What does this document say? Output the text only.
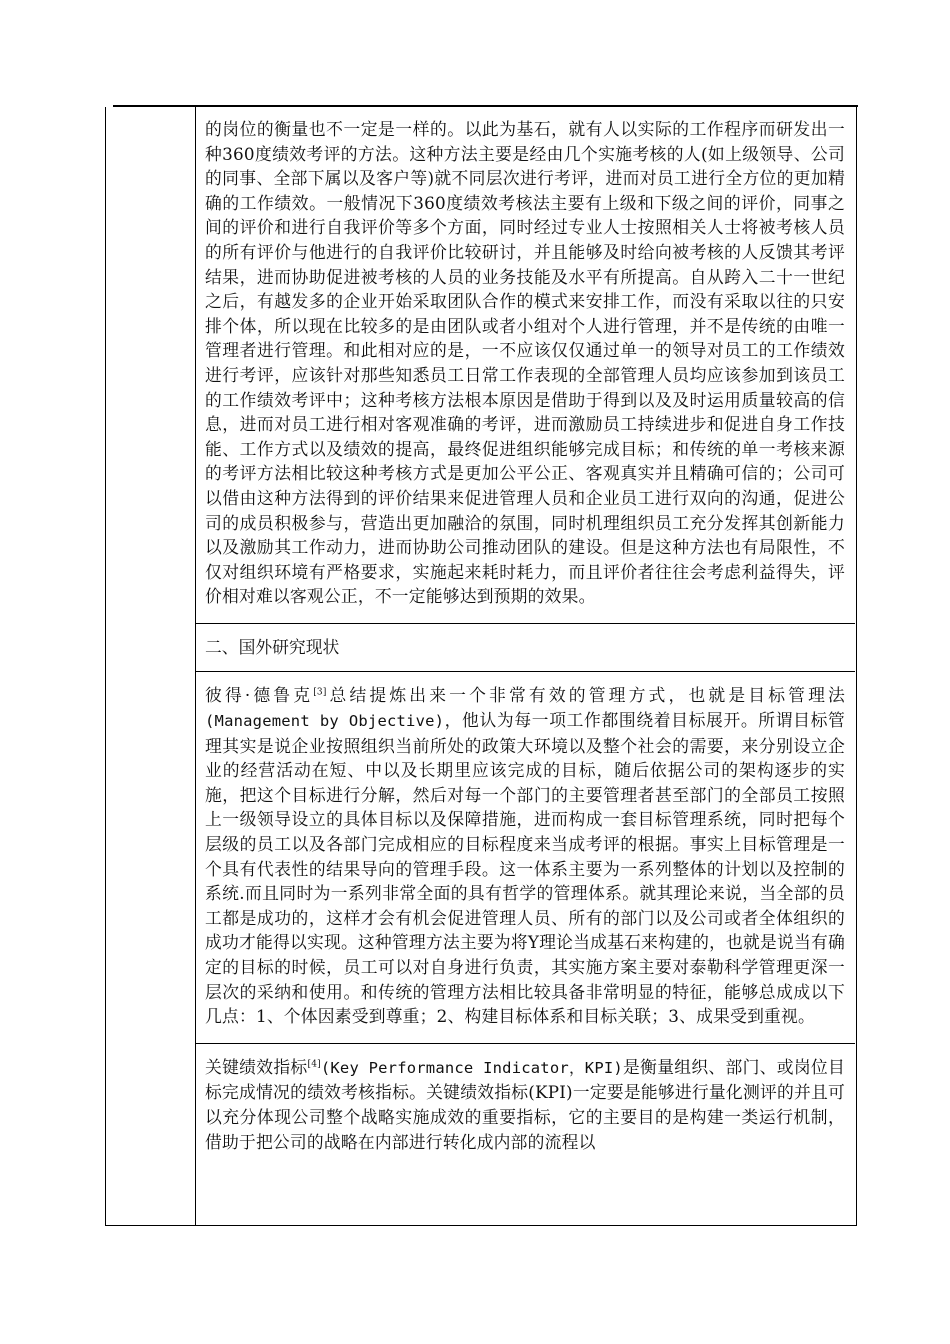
的岗位的衡量也不一定是一样的。以此为基石，就有人以实际的工作程序而研发出一种360度绩效考评的方法。这种方法主要是经由几个实施考核的人(如上级领导、公司的同事、全部下属以及客户等)就不同层次进行考评，进而对员工进行全方位的更加精确的工作绩效。一般情况下360度绩效考核法主要有上级和下级之间的评价，同事之间的评价和进行自我评价等多个方面，同时经过专业人士按照相关人士将被考核人员的所有评价与他进行的自我评价比较研讨，并且能够及时给向被考核的人反馈其考评结果，进而协助促进被考核的人员的业务技能及水平有所提高。自从跨入二十一世纪之后，有越发多的企业开始采取团队合作的模式来安排工作，而没有采取以往的只安排个体，所以现在比较多的是由团队或者小组对个人进行管理，并不是传统的由唯一管理者进行管理。和此相对应的是，一不应该仅仅通过单一的领导对员工的工作绩效进行考评，应该针对那些知悉员工日常工作表现的全部管理人员均应该参加到该员工的工作绩效考评中；这种考核方法根本原因是借助于得到以及及时运用质量较高的信息，进而对员工进行相对客观准确的考评，进而激励员工持续进步和促进自身工作技能、工作方式以及绩效的提高，最终促进组织能够完成目标；和传统的单一考核来源的考评方法相比较这种考核方式是更加公平公正、客观真实并且精确可信的；公司可以借由这种方法得到的评价结果来促进管理人员和企业员工进行双向的沟通，促进公司的成员积极参与，营造出更加融洽的氛围，同时机理组织员工充分发挥其创新能力以及激励其工作动力，进而协助公司推动团队的建设。但是这种方法也有局限性，不仅对组织环境有严格要求，实施起来耗时耗力，而且评价者往往会考虑利益得失，评价相对难以客观公正，不一定能够达到预期的效果。

二、国外研究现状

彼得·德鲁克[3]总结提炼出来一个非常有效的管理方式，也就是目标管理法(Management by Objective)，他认为每一项工作都围绕着目标展开。所谓目标管理其实是说企业按照组织当前所处的政策大环境以及整个社会的需要，来分别设立企业的经营活动在短、中以及长期里应该完成的目标，随后依据公司的架构逐步的实施，把这个目标进行分解，然后对每一个部门的主要管理者甚至部门的全部员工按照上一级领导设立的具体目标以及保障措施，进而构成一套目标管理系统，同时把每个层级的员工以及各部门完成相应的目标程度来当成考评的根据。事实上目标管理是一个具有代表性的结果导向的管理手段。这一体系主要为一系列整体的计划以及控制的系统.而且同时为一系列非常全面的具有哲学的管理体系。就其理论来说，当全部的员工都是成功的，这样才会有机会促进管理人员、所有的部门以及公司或者全体组织的成功才能得以实现。这种管理方法主要为将Y理论当成基石来构建的，也就是说当有确定的目标的时候，员工可以对自身进行负责，其实施方案主要对泰勒科学管理更深一层次的采纳和使用。和传统的管理方法相比较具备非常明显的特征，能够总成成以下几点：1、个体因素受到尊重；2、构建目标体系和目标关联；3、成果受到重视。

关键绩效指标[4](Key Performance Indicator，KPI)是衡量组织、部门、或岗位目标完成情况的绩效考核指标。关键绩效指标(KPI)一定要是能够进行量化测评的并且可以充分体现公司整个战略实施成效的重要指标，它的主要目的是构建一类运行机制，借助于把公司的战略在内部进行转化成内部的流程以
